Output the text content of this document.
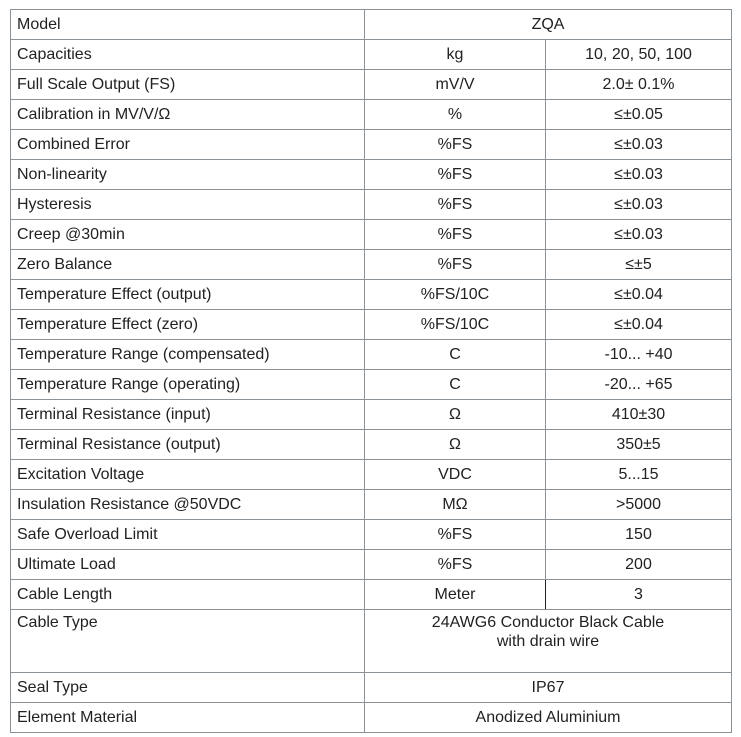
Model	ZQA	
Capacities	kg	10, 20, 50, 100
Full Scale Output (FS)	mV/V	2.0± 0.1%
Calibration in MV/V/Ω	%	≤±0.05
Combined Error	%FS	≤±0.03
Non-linearity	%FS	≤±0.03
Hysteresis	%FS	≤±0.03
Creep @30min	%FS	≤±0.03
Zero Balance	%FS	≤±5
Temperature Effect (output)	%FS/10C	≤±0.04
Temperature Effect (zero)	%FS/10C	≤±0.04
Temperature Range (compensated)	C	-10... +40
Temperature Range (operating)	C	-20... +65
Terminal Resistance (input)	Ω	410±30
Terminal Resistance (output)	Ω	350±5
Excitation Voltage	VDC	5...15
Insulation Resistance @50VDC	MΩ	>5000
Safe Overload Limit	%FS	150
Ultimate Load	%FS	200
Cable Length	Meter	3
Cable Type	24AWG6 Conductor Black Cable
with drain wire	

Seal Type	IP67	
Element Material	Anodized Aluminium	
